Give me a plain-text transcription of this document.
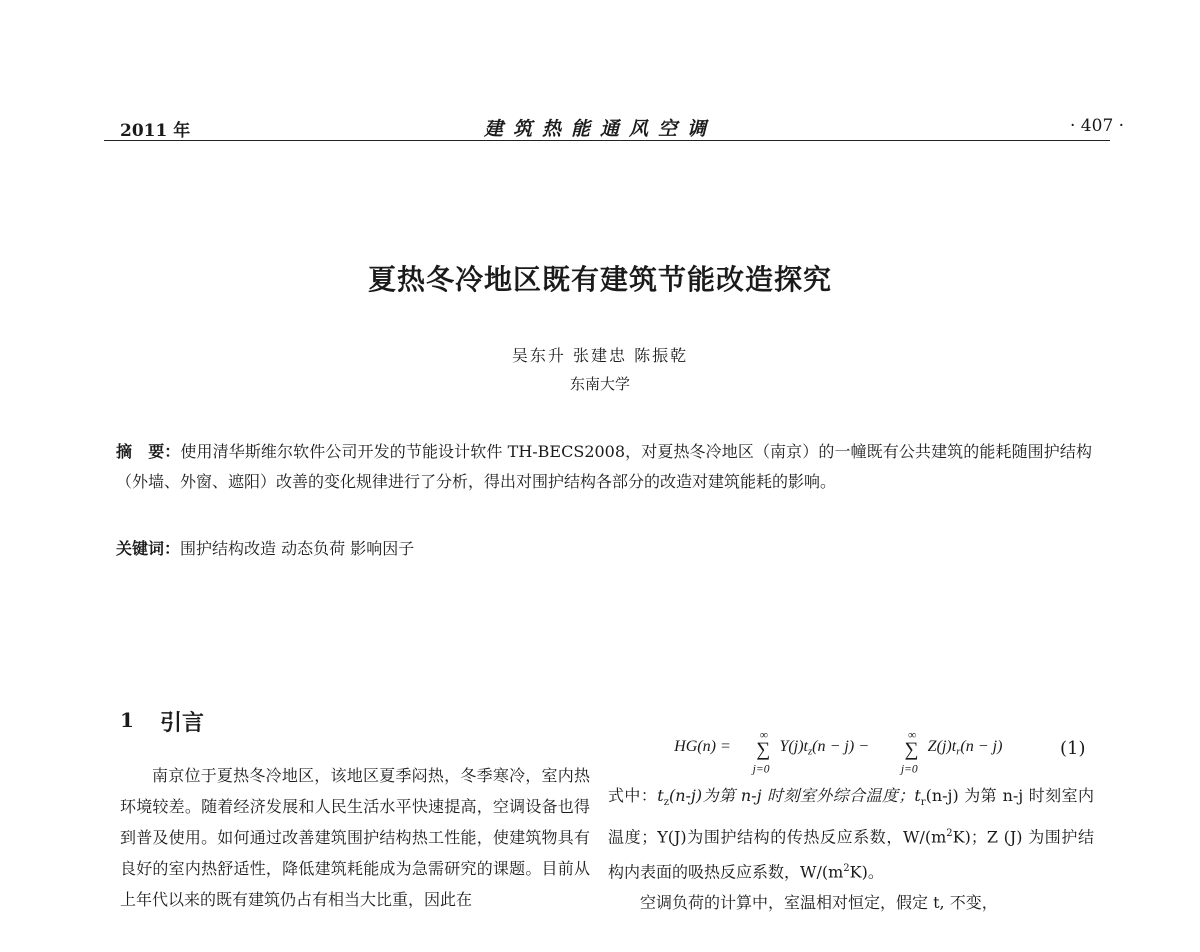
2011 年	建筑热能通风空调	· 407 ·
夏热冬冷地区既有建筑节能改造探究
吴东升 张建忠 陈振乾
东南大学
摘　要：使用清华斯维尔软件公司开发的节能设计软件 TH-BECS2008，对夏热冬冷地区（南京）的一幢既有公共建筑的能耗随围护结构（外墙、外窗、遮阳）改善的变化规律进行了分析，得出对围护结构各部分的改造对建筑能耗的影响。
关键词：围护结构改造 动态负荷 影响因子
1 引言
南京位于夏热冬冷地区，该地区夏季闷热，冬季寒冷，室内热环境较差。随着经济发展和人民生活水平快速提高，空调设备也得到普及使用。如何通过改善建筑围护结构热工性能，使建筑物具有良好的室内热舒适性，降低建筑耗能成为急需研究的课题。目前从上年代以来的既有建筑仍占有相当大比重，因此在
HG(n) =
∞
∑
j=0
$Y(j)t_z(n - j)$ −
∞
∑
j=0
$Z(j)t_r(n - j)$	(1)

式中：$t_z(n-j)$为第 n-j 时刻室外综合温度；$t_r(n-j)$ 为第 n-j 时刻室内温度；Y(J)为围护结构的传热反应系数，$W/(m^2K)$；Z (J) 为围护结构内表面的吸热反应系数，$W/(m^2K)$。

空调负荷的计算中，室温相对恒定，假定 t, 不变，
